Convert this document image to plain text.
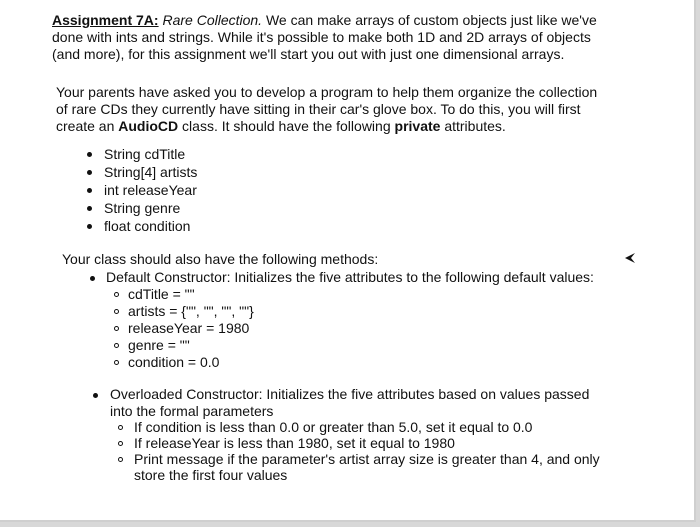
Assignment 7A: Rare Collection. We can make arrays of custom objects just like we've
done with ints and strings. While it's possible to make both 1D and 2D arrays of objects
(and more), for this assignment we'll start you out with just one dimensional arrays.
Your parents have asked you to develop a program to help them organize the collection
of rare CDs they currently have sitting in their car's glove box. To do this, you will first
create an AudioCD class. It should have the following private attributes.
String cdTitle
String[4] artists
int releaseYear
String genre
float condition
Your class should also have the following methods:
Default Constructor: Initializes the five attributes to the following default values:
cdTitle = ""
artists = {"", "", "", ""}
releaseYear = 1980
genre = ""
condition = 0.0
Overloaded Constructor: Initializes the five attributes based on values passed
into the formal parameters
If condition is less than 0.0 or greater than 5.0, set it equal to 0.0
If releaseYear is less than 1980, set it equal to 1980
Print message if the parameter's artist array size is greater than 4, and only
store the first four values
